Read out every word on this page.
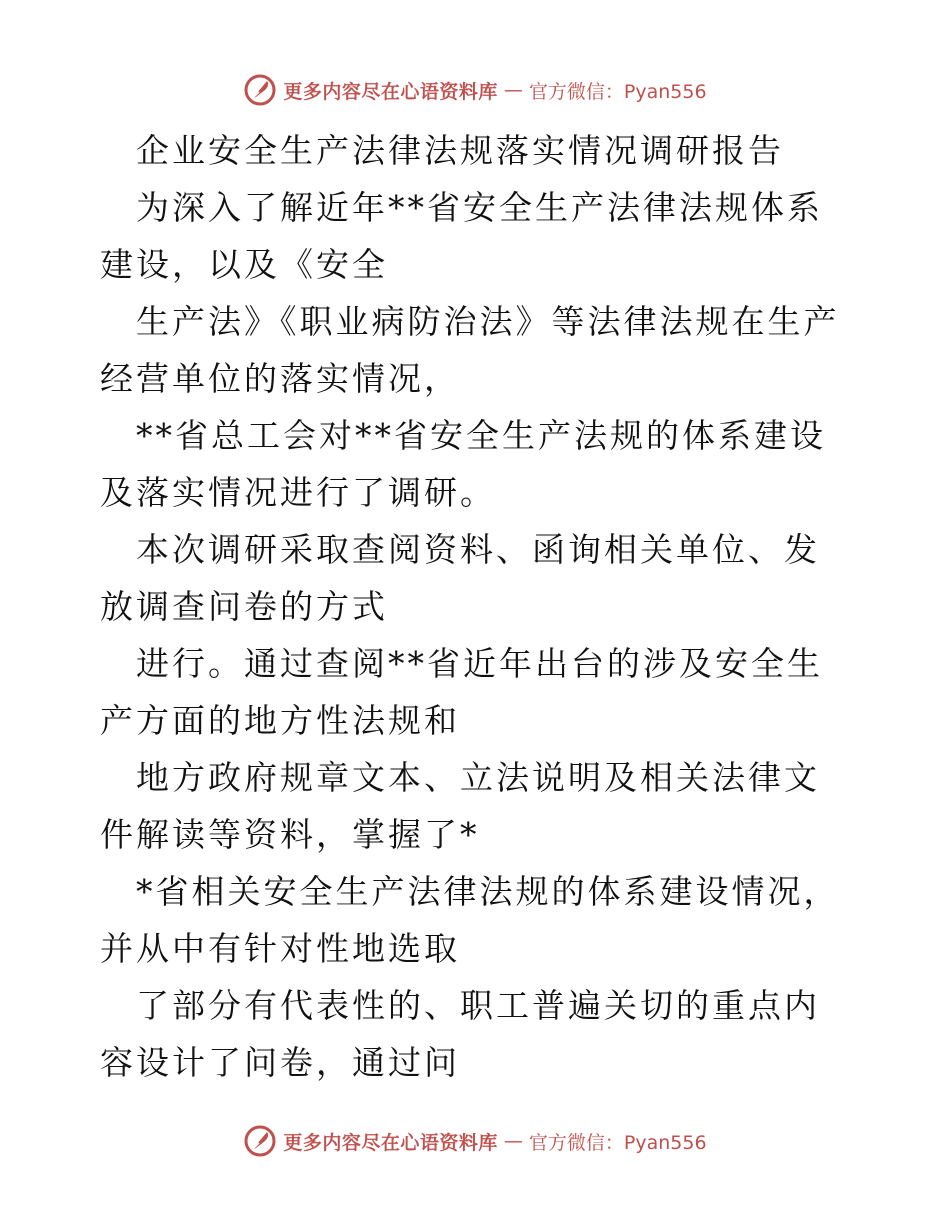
更多内容尽在心语资料库 — 官方微信：Pyan556

企业安全生产法律法规落实情况调研报告

为深入了解近年**省安全生产法律法规体系建设，以及《安全

生产法》《职业病防治法》等法律法规在生产经营单位的落实情况，

**省总工会对**省安全生产法规的体系建设及落实情况进行了调研。

本次调研采取查阅资料、函询相关单位、发放调查问卷的方式

进行。通过查阅**省近年出台的涉及安全生产方面的地方性法规和

地方政府规章文本、立法说明及相关法律文件解读等资料，掌握了*

*省相关安全生产法律法规的体系建设情况，并从中有针对性地选取

了部分有代表性的、职工普遍关切的重点内容设计了问卷，通过问

更多内容尽在心语资料库 — 官方微信：Pyan556
